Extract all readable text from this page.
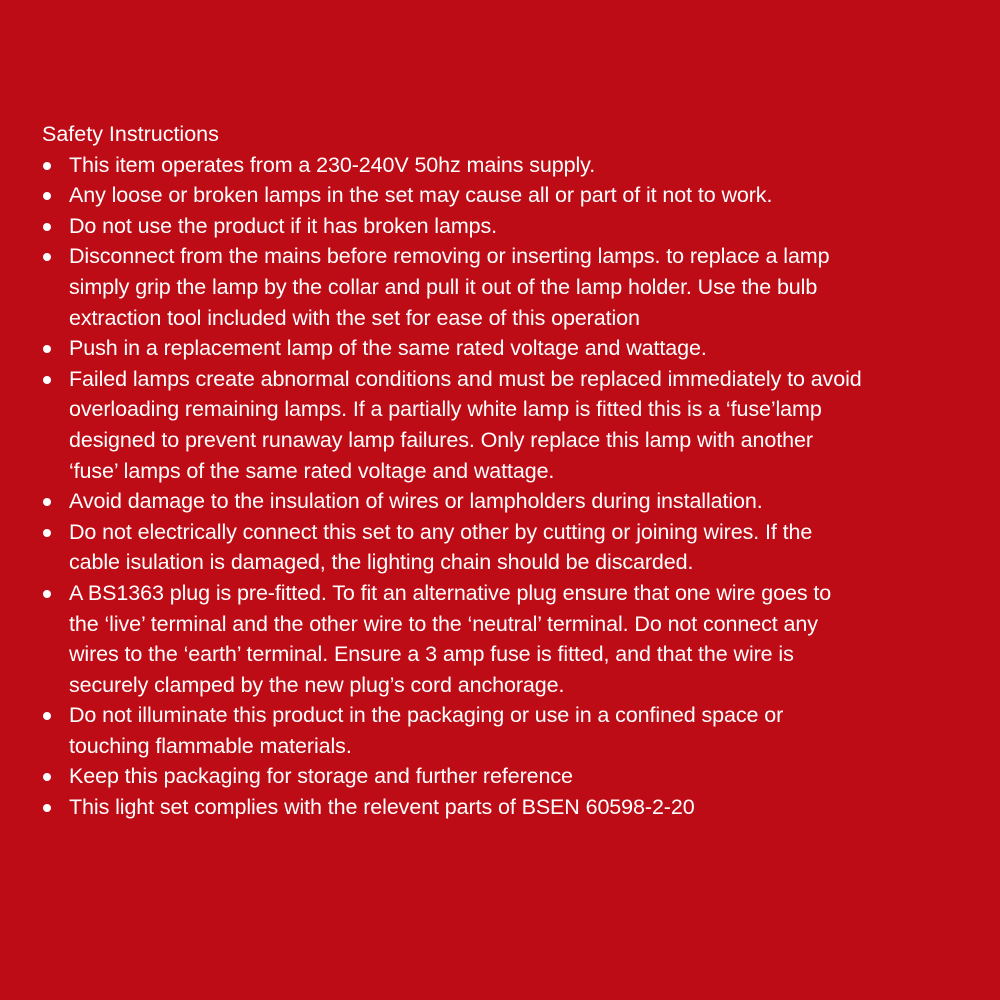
Safety Instructions
This item operates from a 230-240V 50hz mains supply.
Any loose or broken lamps in the set may cause all or part of it not to work.
Do not use the product if it has broken lamps.
Disconnect from the mains before removing or inserting lamps. to replace a lamp
simply grip the lamp by the collar and pull it out of the lamp holder. Use the bulb
extraction tool included with the set for ease of this operation
Push in a replacement lamp of the same rated voltage and wattage.
Failed lamps create abnormal conditions and must be replaced immediately to avoid
overloading remaining lamps. If a partially white lamp is fitted this is a ‘fuse’lamp
designed to prevent runaway lamp failures. Only replace this lamp with another
‘fuse’ lamps of the same rated voltage and wattage.
Avoid damage to the insulation of wires or lampholders during installation.
Do not electrically connect this set to any other by cutting or joining wires. If the
cable isulation is damaged, the lighting chain should be discarded.
A BS1363 plug is pre-fitted. To fit an alternative plug ensure that one wire goes to
the ‘live’ terminal and the other wire to the ‘neutral’ terminal. Do not connect any
wires to the ‘earth’ terminal. Ensure a 3 amp fuse is fitted, and that the wire is
securely clamped by the new plug’s cord anchorage.
Do not illuminate this product in the packaging or use in a confined space or
touching flammable materials.
Keep this packaging for storage and further reference
This light set complies with the relevent parts of BSEN 60598-2-20
